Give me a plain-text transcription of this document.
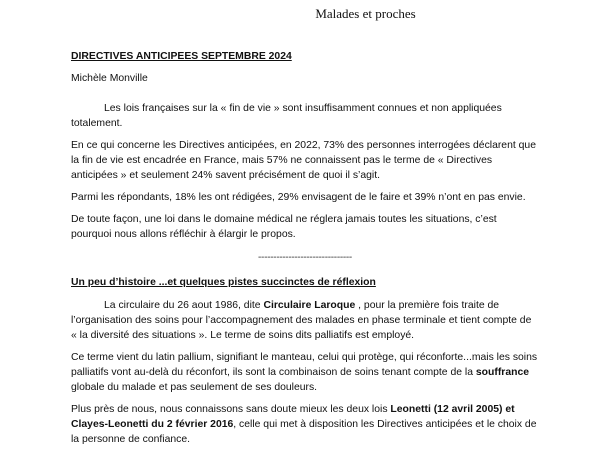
Malades et proches

DIRECTIVES ANTICIPEES SEPTEMBRE 2024

Michèle Monville

Les lois françaises sur la « fin de vie » sont insuffisamment connues et non appliquées totalement.

En ce qui concerne les Directives anticipées, en 2022, 73% des personnes interrogées déclarent que la fin de vie est encadrée en France, mais 57% ne connaissent pas le terme de « Directives anticipées » et seulement 24% savent précisément de quoi il s’agit.

Parmi les répondants, 18% les ont rédigées, 29% envisagent de le faire et 39% n’ont en pas envie.

De toute façon, une loi dans le domaine médical ne réglera jamais toutes les situations, c’est pourquoi nous allons réfléchir à élargir le propos.

-------------------------------

Un peu d’histoire ...et quelques pistes succinctes de réflexion

La circulaire du 26 aout 1986, dite Circulaire Laroque , pour la première fois traite de l’organisation des soins pour l’accompagnement des malades en phase terminale et tient compte de « la diversité des situations ». Le terme de soins dits palliatifs est employé.

Ce terme vient du latin pallium, signifiant le manteau, celui qui protège, qui réconforte...mais les soins palliatifs vont au-delà du réconfort, ils sont la combinaison de soins tenant compte de la souffrance globale du malade et pas seulement de ses douleurs.

Plus près de nous, nous connaissons sans doute mieux les deux lois Leonetti (12 avril 2005) et Clayes-Leonetti du 2 février 2016, celle qui met à disposition les Directives anticipées et le choix de la personne de confiance.
